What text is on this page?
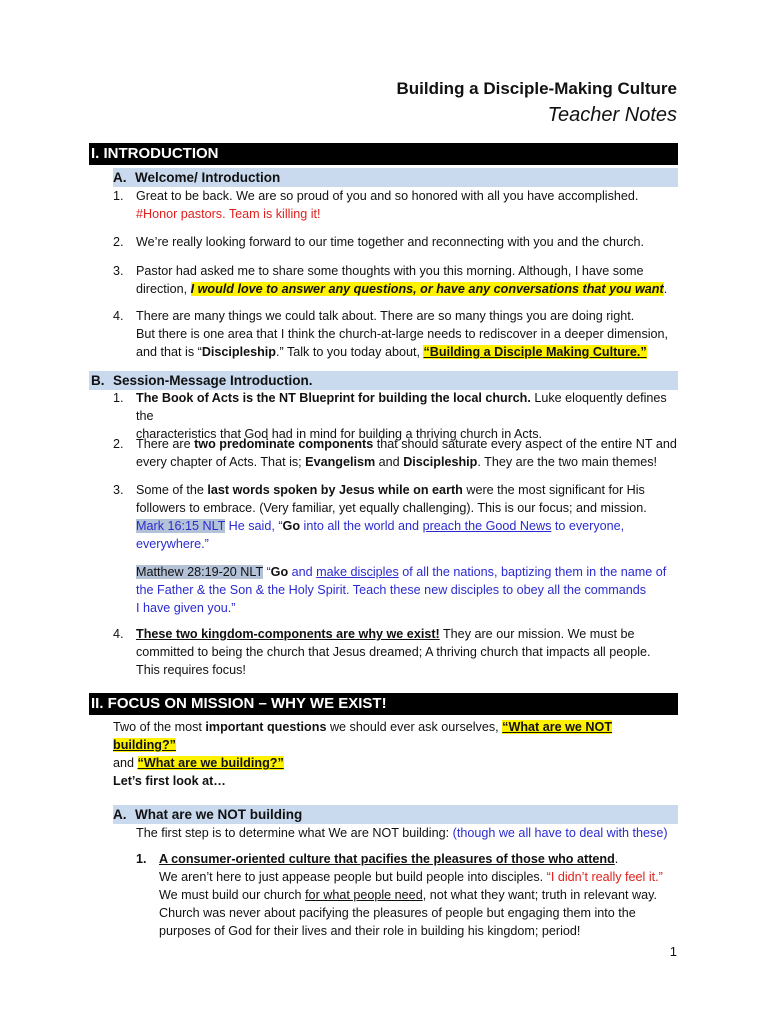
Building a Disciple-Making Culture
Teacher Notes
I. INTRODUCTION
A. Welcome/ Introduction
1. Great to be back. We are so proud of you and so honored with all you have accomplished.
#Honor pastors. Team is killing it!
2. We’re really looking forward to our time together and reconnecting with you and the church.
3. Pastor had asked me to share some thoughts with you this morning. Although, I have some
direction, I would love to answer any questions, or have any conversations that you want.
4. There are many things we could talk about. There are so many things you are doing right.
But there is one area that I think the church-at-large needs to rediscover in a deeper dimension,
and that is “Discipleship.” Talk to you today about, “Building a Disciple Making Culture.”
B. Session-Message Introduction.
1. The Book of Acts is the NT Blueprint for building the local church. Luke eloquently defines the
characteristics that God had in mind for building a thriving church in Acts.
2. There are two predominate components that should saturate every aspect of the entire NT and
every chapter of Acts. That is; Evangelism and Discipleship. They are the two main themes!
3. Some of the last words spoken by Jesus while on earth were the most significant for His
followers to embrace. (Very familiar, yet equally challenging). This is our focus; and mission.
Mark 16:15 NLT He said, “Go into all the world and preach the Good News to everyone,
everywhere.”
Matthew 28:19-20 NLT “Go and make disciples of all the nations, baptizing them in the name of
the Father & the Son & the Holy Spirit. Teach these new disciples to obey all the commands
I have given you.”
4. These two kingdom-components are why we exist! They are our mission. We must be
committed to being the church that Jesus dreamed; A thriving church that impacts all people.
This requires focus!
II. FOCUS ON MISSION – WHY WE EXIST!
Two of the most important questions we should ever ask ourselves, “What are we NOT building?”
and “What are we building?”
Let’s first look at…
A. What are we NOT building
The first step is to determine what We are NOT building: (though we all have to deal with these)
1. A consumer-oriented culture that pacifies the pleasures of those who attend.
We aren’t here to just appease people but build people into disciples. “I didn’t really feel it.”
We must build our church for what people need, not what they want; truth in relevant way.
Church was never about pacifying the pleasures of people but engaging them into the
purposes of God for their lives and their role in building his kingdom; period!
1
